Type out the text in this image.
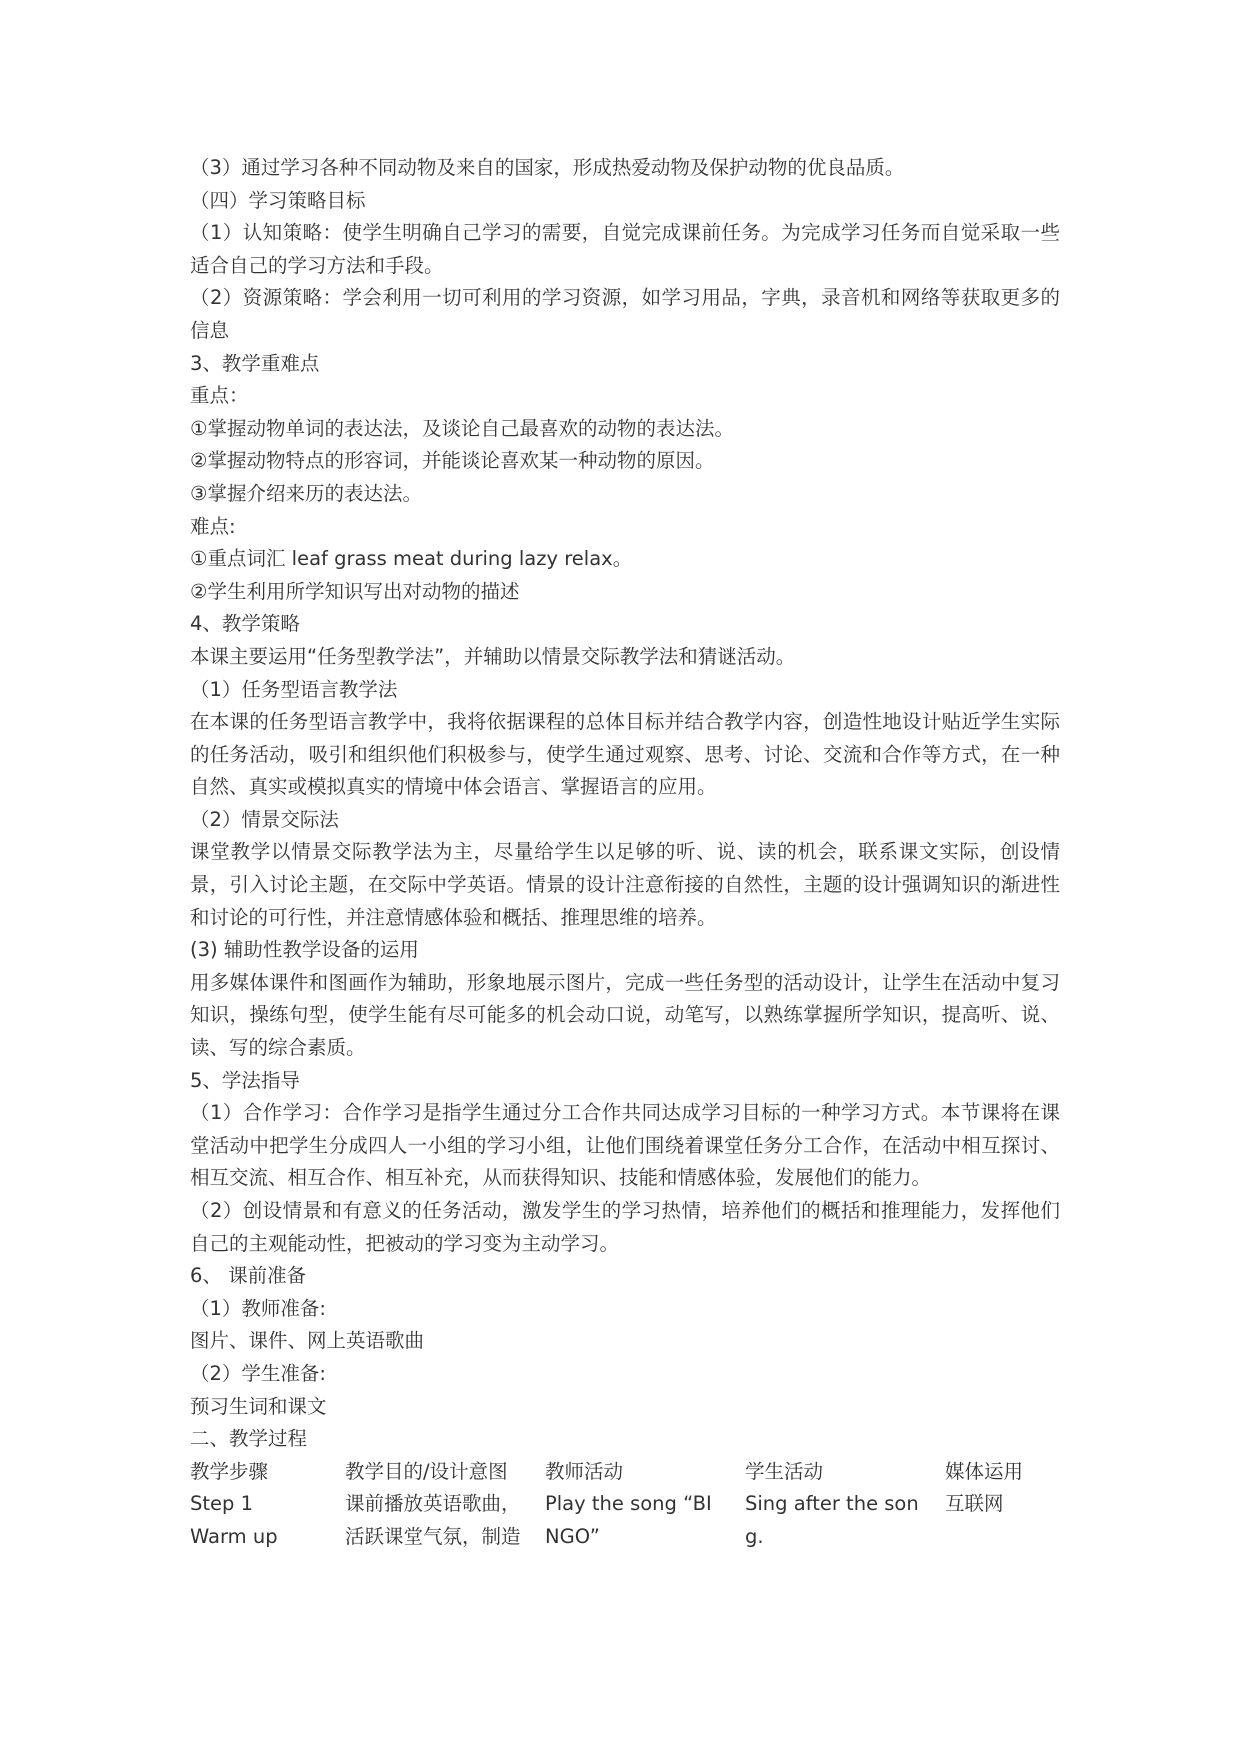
（3）通过学习各种不同动物及来自的国家，形成热爱动物及保护动物的优良品质。
（四）学习策略目标
（1）认知策略：使学生明确自己学习的需要，自觉完成课前任务。为完成学习任务而自觉采取一些适合自己的学习方法和手段。
（2）资源策略：学会利用一切可利用的学习资源，如学习用品，字典，录音机和网络等获取更多的信息
3、教学重难点
重点：
①掌握动物单词的表达法，及谈论自己最喜欢的动物的表达法。
②掌握动物特点的形容词，并能谈论喜欢某一种动物的原因。
③掌握介绍来历的表达法。
难点:
①重点词汇 leaf grass meat during lazy relax。
②学生利用所学知识写出对动物的描述
4、教学策略
本课主要运用“任务型教学法”，并辅助以情景交际教学法和猜谜活动。
（1）任务型语言教学法
在本课的任务型语言教学中，我将依据课程的总体目标并结合教学内容，创造性地设计贴近学生实际的任务活动，吸引和组织他们积极参与，使学生通过观察、思考、讨论、交流和合作等方式，在一种自然、真实或模拟真实的情境中体会语言、掌握语言的应用。
（2）情景交际法
课堂教学以情景交际教学法为主，尽量给学生以足够的听、说、读的机会，联系课文实际，创设情景，引入讨论主题，在交际中学英语。情景的设计注意衔接的自然性，主题的设计强调知识的渐进性和讨论的可行性，并注意情感体验和概括、推理思维的培养。
(3) 辅助性教学设备的运用
用多媒体课件和图画作为辅助，形象地展示图片，完成一些任务型的活动设计，让学生在活动中复习知识，操练句型，使学生能有尽可能多的机会动口说，动笔写，以熟练掌握所学知识，提高听、说、读、写的综合素质。
5、学法指导
（1）合作学习：合作学习是指学生通过分工合作共同达成学习目标的一种学习方式。本节课将在课堂活动中把学生分成四人一小组的学习小组，让他们围绕着课堂任务分工合作，在活动中相互探讨、相互交流、相互合作、相互补充，从而获得知识、技能和情感体验，发展他们的能力。
（2）创设情景和有意义的任务活动，激发学生的学习热情，培养他们的概括和推理能力，发挥他们自己的主观能动性，把被动的学习变为主动学习。
6、 课前准备
（1）教师准备:
图片、课件、网上英语歌曲
（2）学生准备:
预习生词和课文
二、教学过程
教学步骤	教学目的/设计意图	教师活动	学生活动	媒体运用
Step 1	课前播放英语歌曲，	Play the song “BI	Sing after the son	互联网
Warm up	活跃课堂气氛，制造	NGO”	g.
